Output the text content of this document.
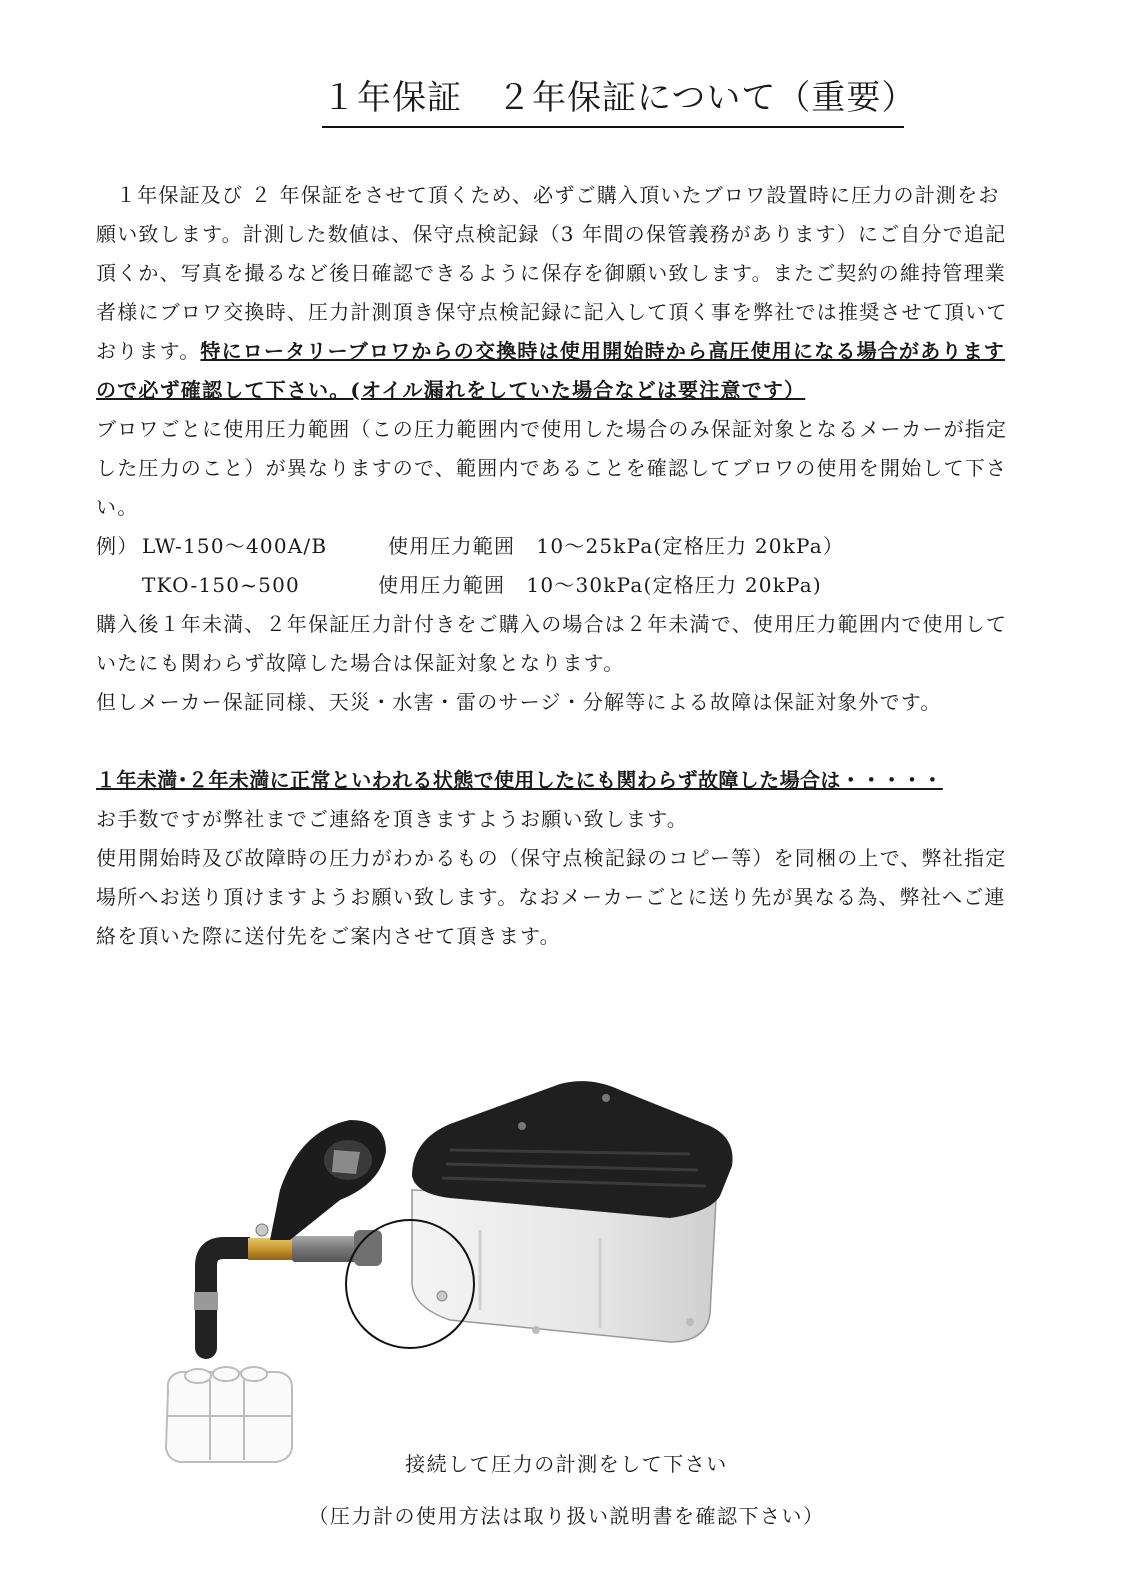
１年保証　２年保証について（重要）

１年保証及び ２ 年保証をさせて頂くため、必ずご購入頂いたブロワ設置時に圧力の計測をお願い致します。計測した数値は、保守点検記録（3 年間の保管義務があります）にご自分で追記頂くか、写真を撮るなど後日確認できるように保存を御願い致します。またご契約の維持管理業者様にブロワ交換時、圧力計測頂き保守点検記録に記入して頂く事を弊社では推奨させて頂いております。特にロータリーブロワからの交換時は使用開始時から高圧使用になる場合がありますので必ず確認して下さい。(オイル漏れをしていた場合などは要注意です）

ブロワごとに使用圧力範囲（この圧力範囲内で使用した場合のみ保証対象となるメーカーが指定した圧力のこと）が異なりますので、範囲内であることを確認してブロワの使用を開始して下さい。

例） LW-150～400A/B	使用圧力範囲　10～25kPa(定格圧力 20kPa）

TKO-150~500	使用圧力範囲　10～30kPa(定格圧力 20kPa)

購入後１年未満、２年保証圧力計付きをご購入の場合は２年未満で、使用圧力範囲内で使用していたにも関わらず故障した場合は保証対象となります。

但しメーカー保証同様、天災・水害・雷のサージ・分解等による故障は保証対象外です。

１年未満･２年未満に正常といわれる状態で使用したにも関わらず故障した場合は・・・・・

お手数ですが弊社までご連絡を頂きますようお願い致します。

使用開始時及び故障時の圧力がわかるもの（保守点検記録のコピー等）を同梱の上で、弊社指定場所へお送り頂けますようお願い致します。なおメーカーごとに送り先が異なる為、弊社へご連絡を頂いた際に送付先をご案内させて頂きます。

接続して圧力の計測をして下さい
（圧力計の使用方法は取り扱い説明書を確認下さい）
